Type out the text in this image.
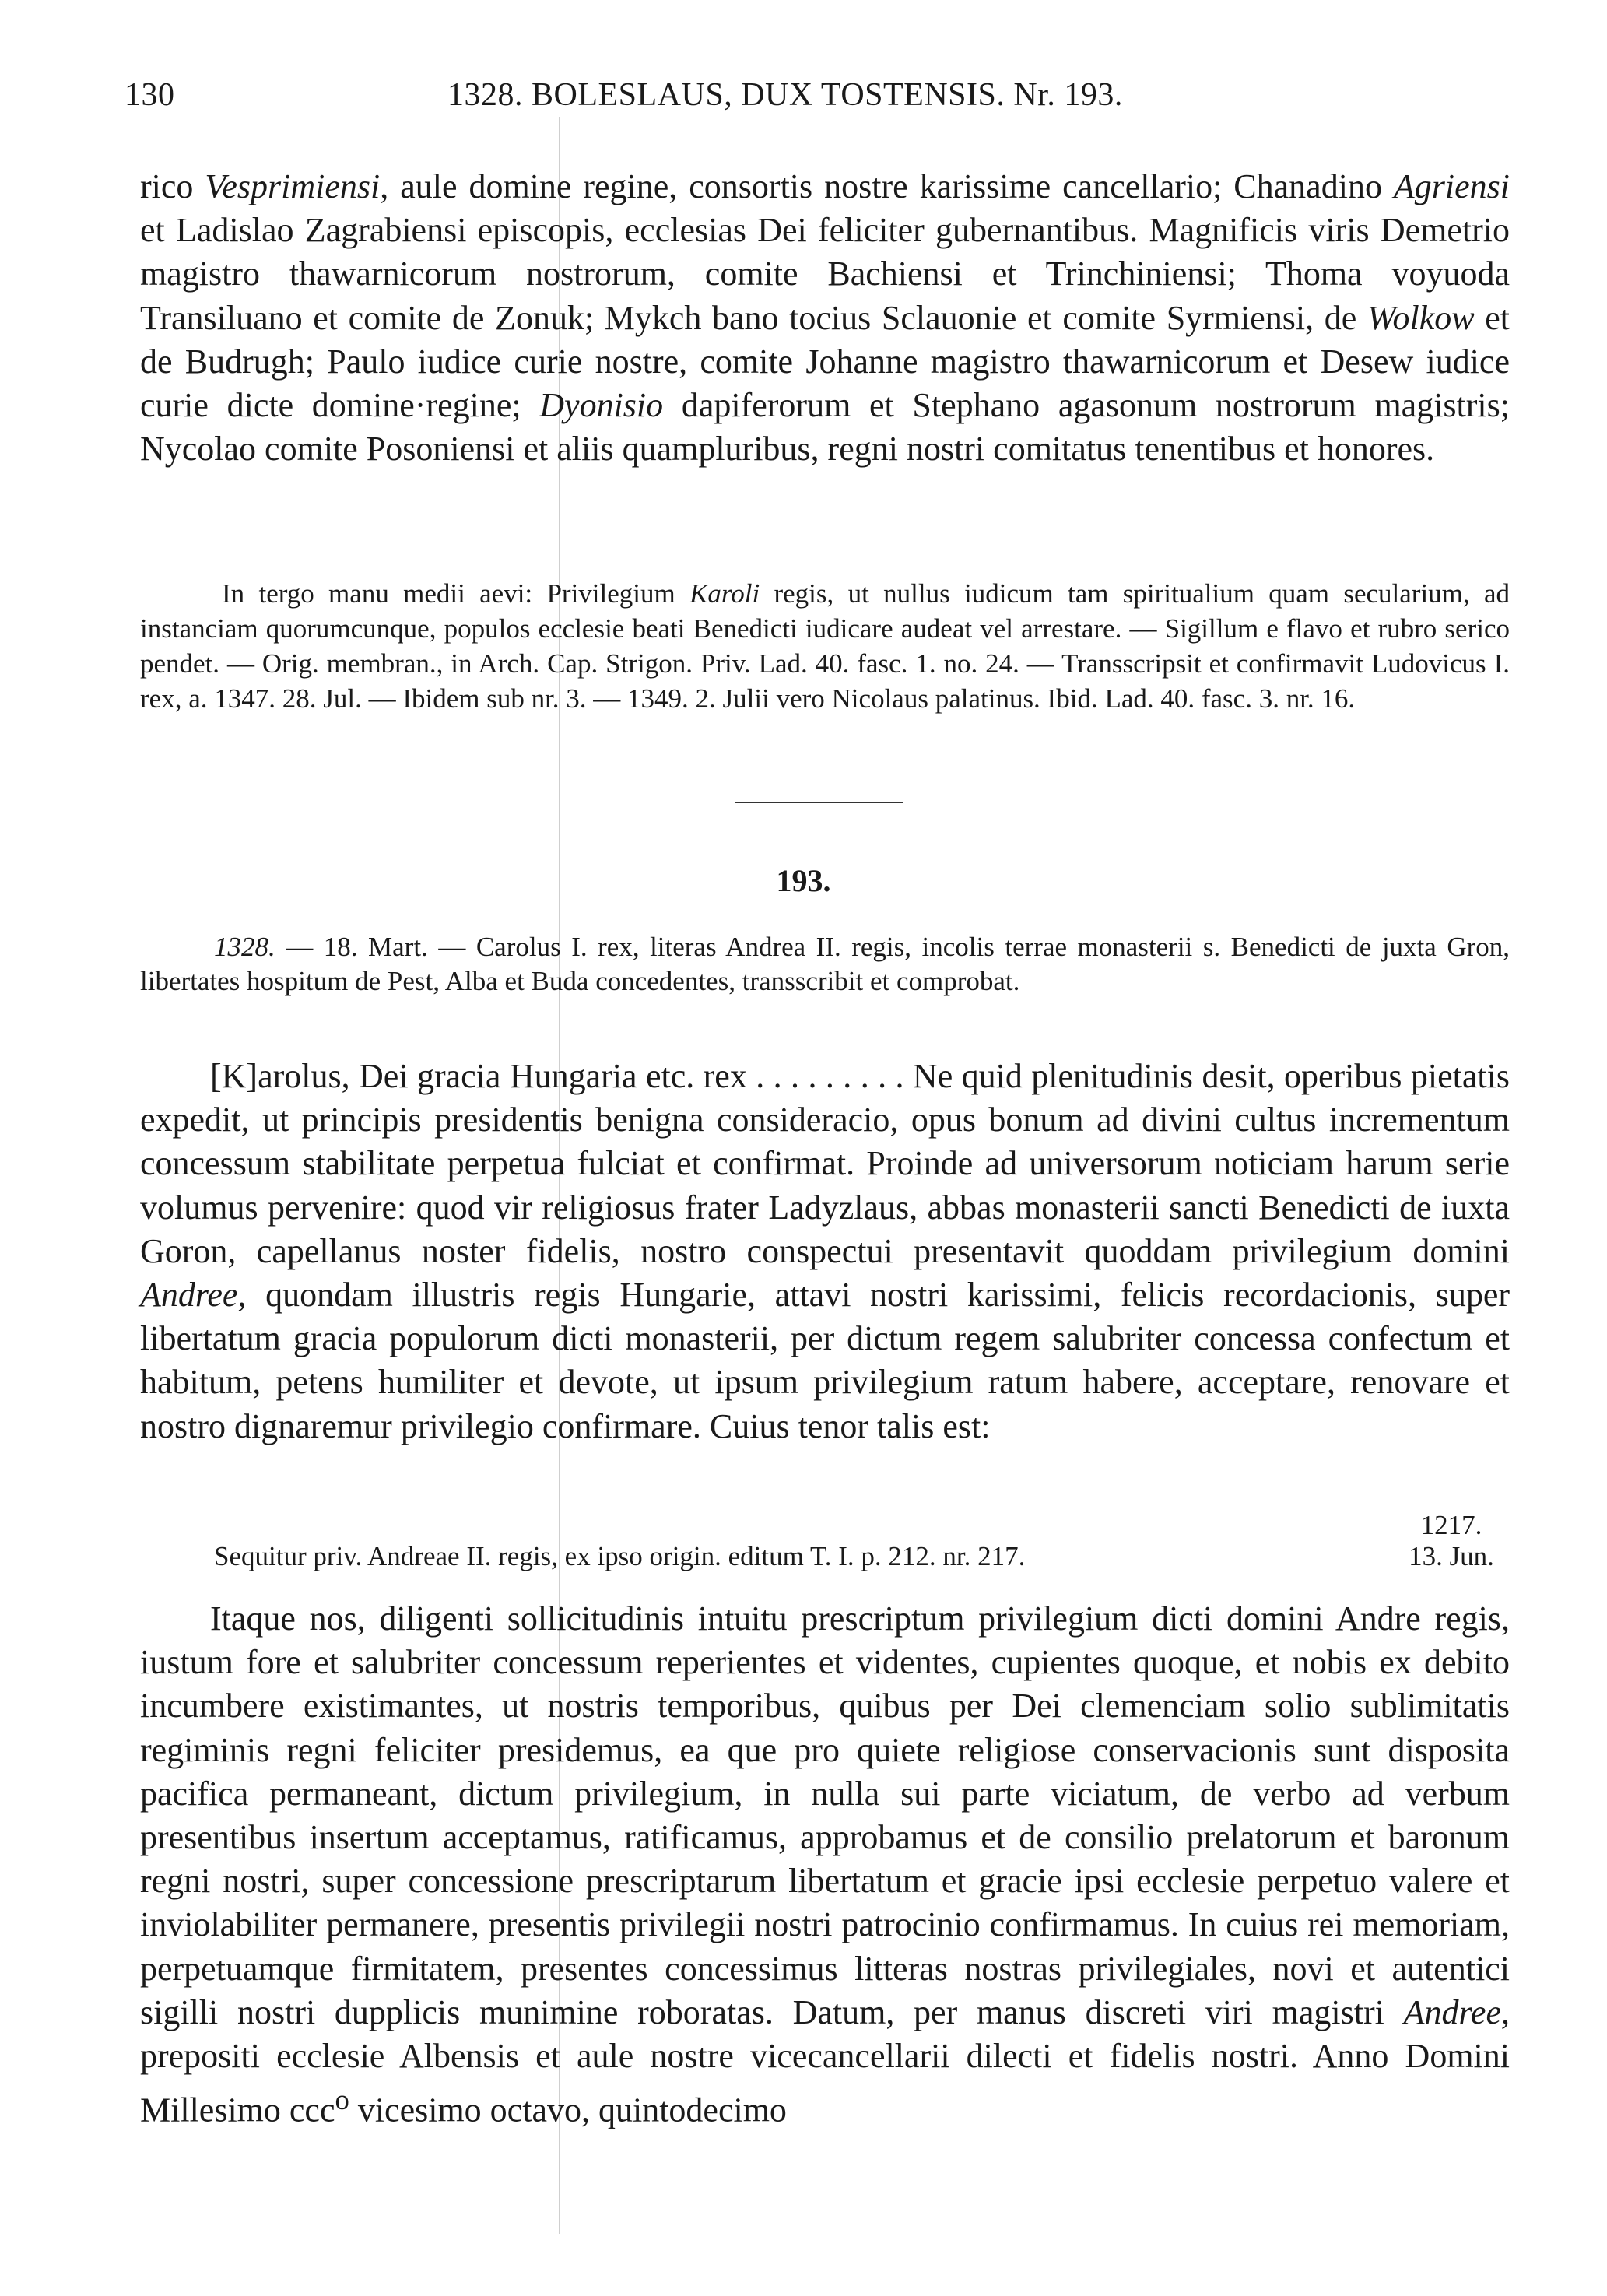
130	1328. BOLESLAUS, DUX TOSTENSIS. Nr. 193.

rico Vesprimiensi, aule domine regine, consortis nostre karissime cancellario; Chanadino Agriensi et Ladislao Zagrabiensi episcopis, ecclesias Dei feliciter gubernantibus. Magnificis viris Demetrio magistro thawarnicorum nostrorum, comite Bachiensi et Trinchiniensi; Thoma voyuoda Transiluano et comite de Zonuk; Mykch bano tocius Sclauonie et comite Syrmiensi, de Wolkow et de Budrugh; Paulo iudice curie nostre, comite Johanne magistro thawarnicorum et Desew iudice curie dicte domine·regine; Dyonisio dapiferorum et Stephano agasonum nostrorum magistris; Nycolao comite Posoniensi et aliis quampluribus, regni nostri comitatus tenentibus et honores.

In tergo manu medii aevi: Privilegium Karoli regis, ut nullus iudicum tam spiritualium quam secularium, ad instanciam quorumcunque, populos ecclesie beati Benedicti iudicare audeat vel arrestare. — Sigillum e flavo et rubro serico pendet. — Orig. membran., in Arch. Cap. Strigon. Priv. Lad. 40. fasc. 1. no. 24. — Transscripsit et confirmavit Ludovicus I. rex, a. 1347. 28. Jul. — Ibidem sub nr. 3. — 1349. 2. Julii vero Nicolaus palatinus. Ibid. Lad. 40. fasc. 3. nr. 16.

193.

1328. — 18. Mart. — Carolus I. rex, literas Andrea II. regis, incolis terrae monasterii s. Benedicti de juxta Gron, libertates hospitum de Pest, Alba et Buda concedentes, transscribit et comprobat.

[K]arolus, Dei gracia Hungaria etc. rex . . . . . . . . . Ne quid plenitudinis desit, operibus pietatis expedit, ut principis presidentis benigna consideracio, opus bonum ad divini cultus incrementum concessum stabilitate perpetua fulciat et confirmat. Proinde ad universorum noticiam harum serie volumus pervenire: quod vir religiosus frater Ladyzlaus, abbas monasterii sancti Benedicti de iuxta Goron, capellanus noster fidelis, nostro conspectui presentavit quoddam privilegium domini Andree, quondam illustris regis Hungarie, attavi nostri karissimi, felicis recordacionis, super libertatum gracia populorum dicti monasterii, per dictum regem salubriter concessa confectum et habitum, petens humiliter et devote, ut ipsum privilegium ratum habere, acceptare, renovare et nostro dignaremur privilegio confirmare. Cuius tenor talis est:

Sequitur priv. Andreae II. regis, ex ipso origin. editum T. I. p. 212. nr. 217.
1217.
13. Jun.

Itaque nos, diligenti sollicitudinis intuitu prescriptum privilegium dicti domini Andre regis, iustum fore et salubriter concessum reperientes et videntes, cupientes quoque, et nobis ex debito incumbere existimantes, ut nostris temporibus, quibus per Dei clemenciam solio sublimitatis regiminis regni feliciter presidemus, ea que pro quiete religiose conservacionis sunt disposita pacifica permaneant, dictum privilegium, in nulla sui parte viciatum, de verbo ad verbum presentibus insertum acceptamus, ratificamus, approbamus et de consilio prelatorum et baronum regni nostri, super concessione prescriptarum libertatum et gracie ipsi ecclesie perpetuo valere et inviolabiliter permanere, presentis privilegii nostri patrocinio confirmamus. In cuius rei memoriam, perpetuamque firmitatem, presentes concessimus litteras nostras privilegiales, novi et autentici sigilli nostri dupplicis munimine roboratas. Datum, per manus discreti viri magistri Andree, prepositi ecclesie Albensis et aule nostre vicecancellarii dilecti et fidelis nostri. Anno Domini Millesimo ccc$^o$ vicesimo octavo, quintodecimo
